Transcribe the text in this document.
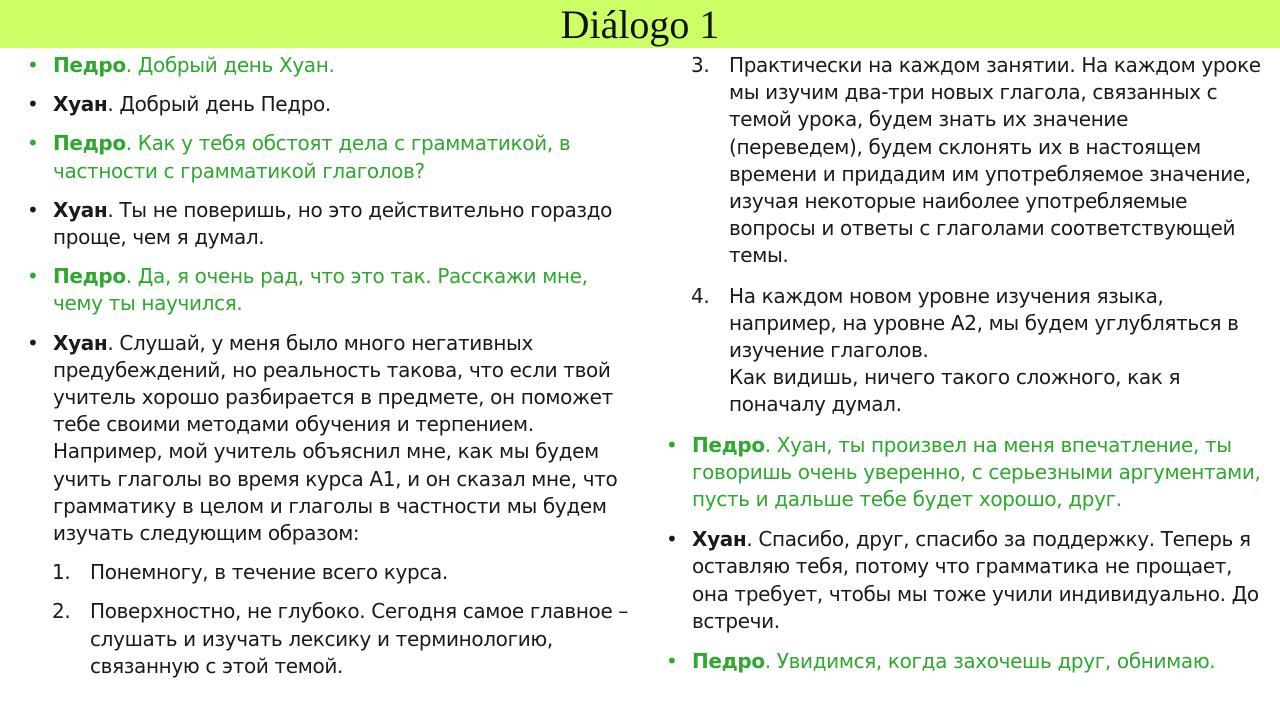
Diálogo 1
• Педро. Добрый день Хуан.
• Хуан. Добрый день Педро.
• Педро. Как у тебя обстоят дела с грамматикой, в частности с грамматикой глаголов?
• Хуан. Ты не поверишь, но это действительно гораздо проще, чем я думал.
• Педро. Да, я очень рад, что это так. Расскажи мне, чему ты научился.
• Хуан. Слушай, у меня было много негативных предубеждений, но реальность такова, что если твой учитель хорошо разбирается в предмете, он поможет тебе своими методами обучения и терпением. Например, мой учитель объяснил мне, как мы будем учить глаголы во время курса А1, и он сказал мне, что грамматику в целом и глаголы в частности мы будем изучать следующим образом:
1. Понемногу, в течение всего курса.
2. Поверхностно, не глубоко. Сегодня самое главное – слушать и изучать лексику и терминологию, связанную с этой темой.
3. Практически на каждом занятии. На каждом уроке мы изучим два-три новых глагола, связанных с темой урока, будем знать их значение (переведем), будем склонять их в настоящем времени и придадим им употребляемое значение, изучая некоторые наиболее употребляемые вопросы и ответы с глаголами соответствующей темы.
4. На каждом новом уровне изучения языка, например, на уровне А2, мы будем углубляться в изучение глаголов.
Как видишь, ничего такого сложного, как я поначалу думал.
• Педро. Хуан, ты произвел на меня впечатление, ты говоришь очень уверенно, с серьезными аргументами, пусть и дальше тебе будет хорошо, друг.
• Хуан. Спасибо, друг, спасибо за поддержку. Теперь я оставляю тебя, потому что грамматика не прощает, она требует, чтобы мы тоже учили индивидуально. До встречи.
• Педро. Увидимся, когда захочешь друг, обнимаю.
